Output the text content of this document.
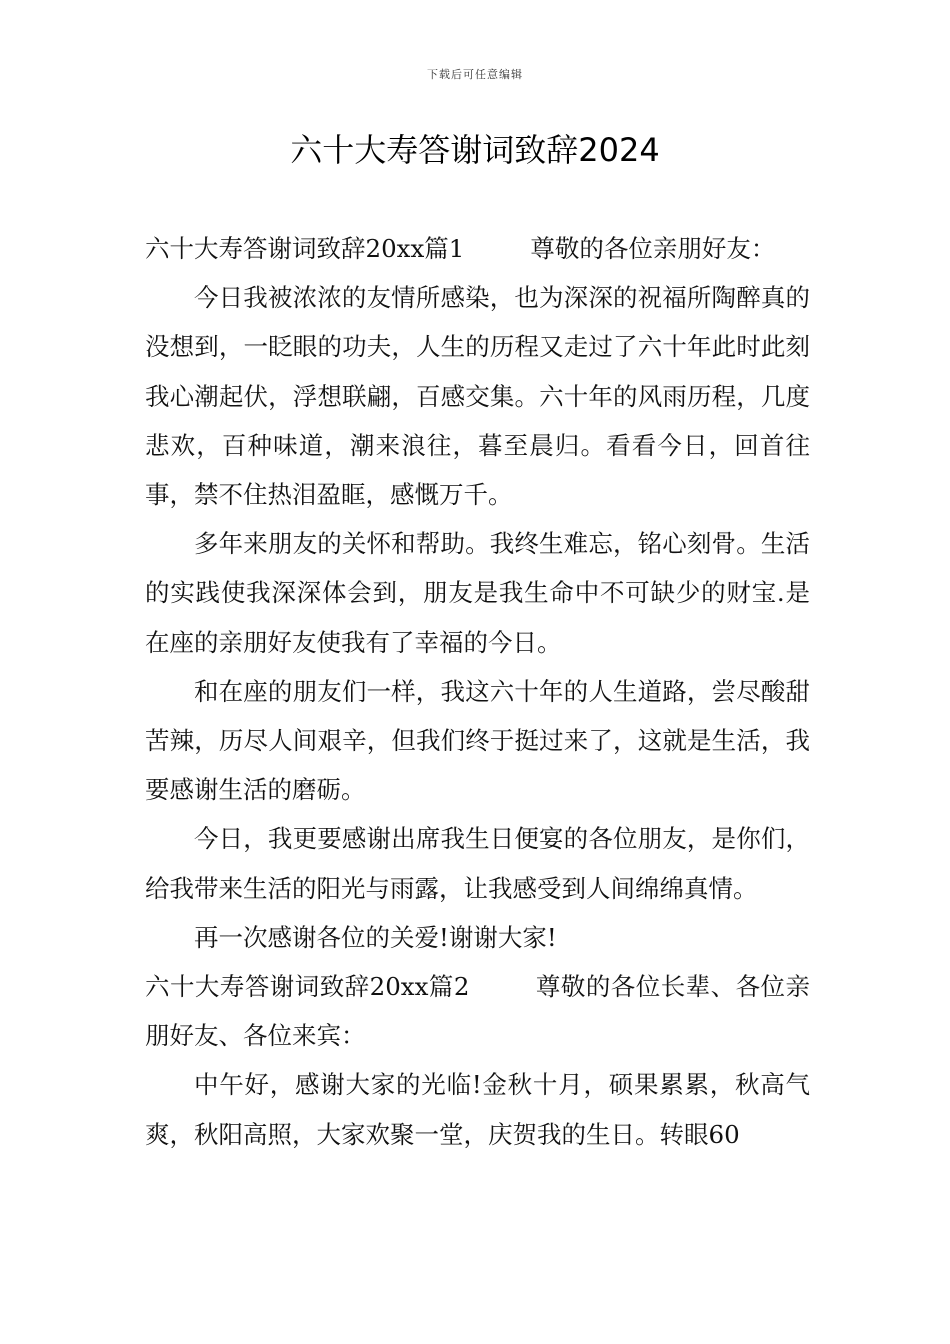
下载后可任意编辑
六十大寿答谢词致辞2024

六十大寿答谢词致辞20xx篇1	尊敬的各位亲朋好友：

今日我被浓浓的友情所感染，也为深深的祝福所陶醉真的没想到，一眨眼的功夫，人生的历程又走过了六十年此时此刻我心潮起伏，浮想联翩，百感交集。六十年的风雨历程，几度悲欢，百种味道，潮来浪往，暮至晨归。看看今日，回首往事，禁不住热泪盈眶，感慨万千。

多年来朋友的关怀和帮助。我终生难忘，铭心刻骨。生活的实践使我深深体会到，朋友是我生命中不可缺少的财宝.是在座的亲朋好友使我有了幸福的今日。

和在座的朋友们一样，我这六十年的人生道路，尝尽酸甜苦辣，历尽人间艰辛，但我们终于挺过来了，这就是生活，我要感谢生活的磨砺。

今日，我更要感谢出席我生日便宴的各位朋友，是你们，给我带来生活的阳光与雨露，让我感受到人间绵绵真情。

再一次感谢各位的关爱!谢谢大家!

六十大寿答谢词致辞20xx篇2	尊敬的各位长辈、各位亲朋好友、各位来宾：

中午好，感谢大家的光临!金秋十月，硕果累累，秋高气爽，秋阳高照，大家欢聚一堂，庆贺我的生日。转眼60
